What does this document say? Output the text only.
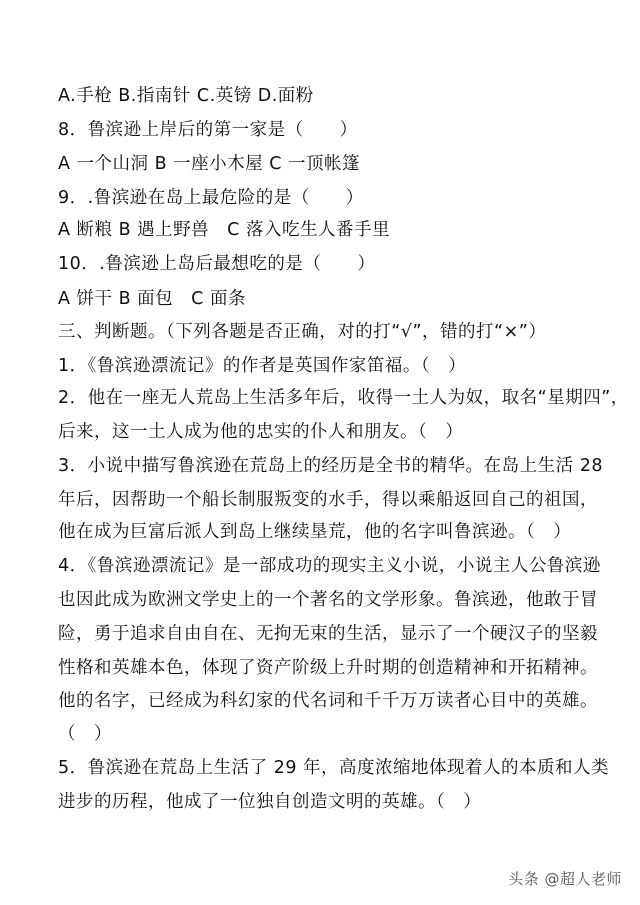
A.手枪 B.指南针 C.英镑 D.面粉
8．鲁滨逊上岸后的第一家是（　　）
A 一个山洞 B 一座小木屋 C 一顶帐篷
9．.鲁滨逊在岛上最危险的是（　　）
A 断粮 B 遇上野兽　C 落入吃生人番手里
10．.鲁滨逊上岛后最想吃的是（　　）
A 饼干 B 面包　C 面条
三、判断题。（下列各题是否正确，对的打“√”，错的打“×”）
1．《鲁滨逊漂流记》的作者是英国作家笛福。（　）
2．他在一座无人荒岛上生活多年后，收得一土人为奴，取名“星期四”，
后来，这一土人成为他的忠实的仆人和朋友。（　）
3．小说中描写鲁滨逊在荒岛上的经历是全书的精华。在岛上生活 28
年后，因帮助一个船长制服叛变的水手，得以乘船返回自己的祖国，
他在成为巨富后派人到岛上继续垦荒，他的名字叫鲁滨逊。（　）
4．《鲁滨逊漂流记》是一部成功的现实主义小说，小说主人公鲁滨逊
也因此成为欧洲文学史上的一个著名的文学形象。鲁滨逊，他敢于冒
险，勇于追求自由自在、无拘无束的生活，显示了一个硬汉子的坚毅
性格和英雄本色，体现了资产阶级上升时期的创造精神和开拓精神。
他的名字，已经成为科幻家的代名词和千千万万读者心目中的英雄。
（　）
5．鲁滨逊在荒岛上生活了 29 年，高度浓缩地体现着人的本质和人类
进步的历程，他成了一位独自创造文明的英雄。（　）
头条 @超人老师
